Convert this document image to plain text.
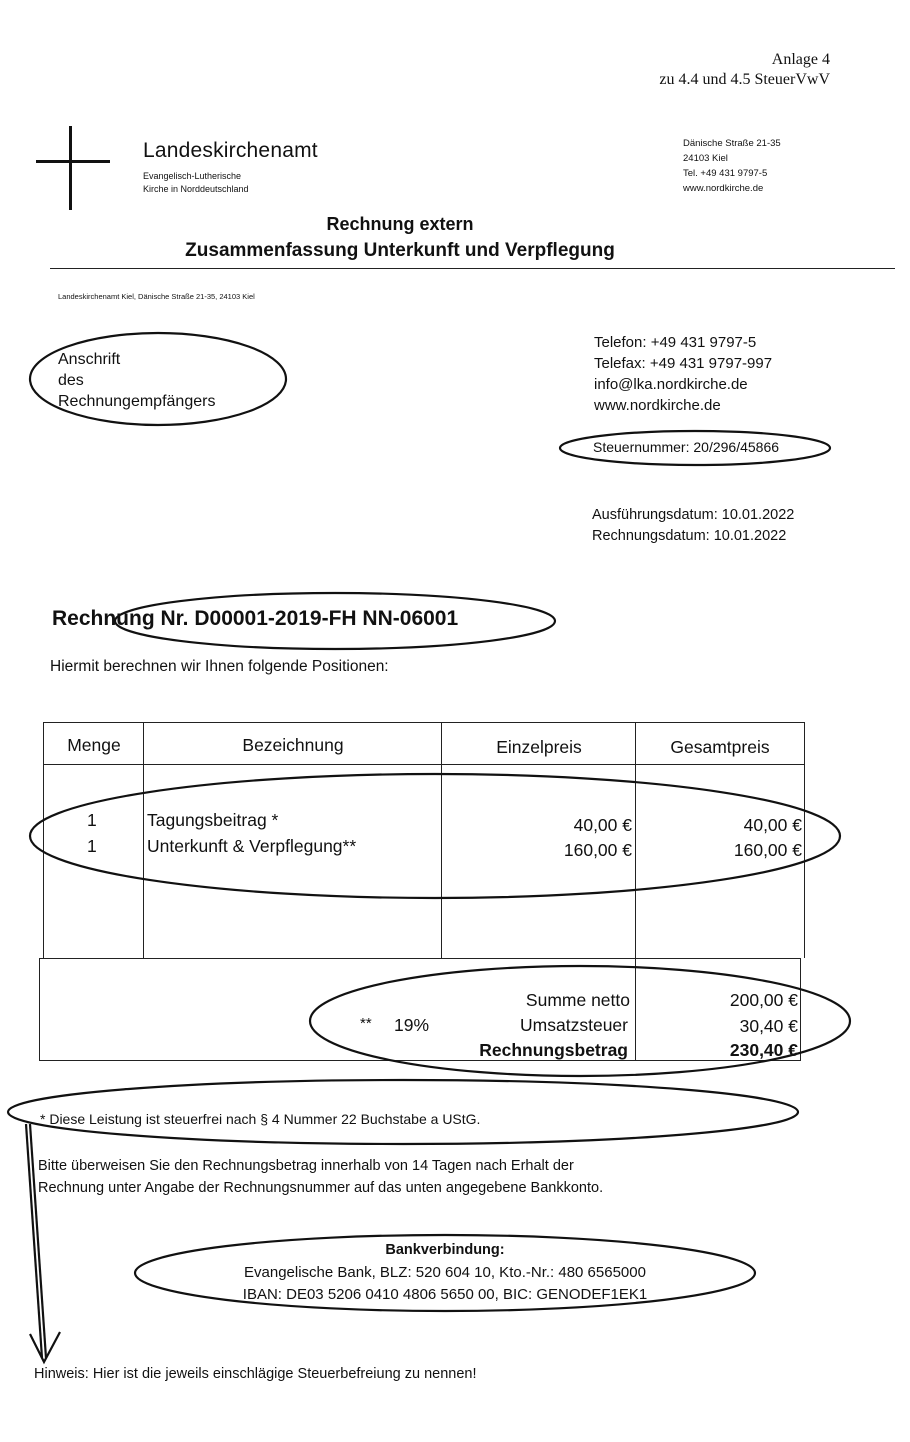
Anlage 4
zu 4.4 und 4.5 SteuerVwV
Landeskirchenamt
Evangelisch-Lutherische
Kirche in Norddeutschland
Dänische Straße 21-35
24103 Kiel
Tel. +49 431 9797-5
www.nordkirche.de
Rechnung extern
Zusammenfassung Unterkunft und Verpflegung
Landeskirchenamt Kiel, Dänische Straße 21-35, 24103 Kiel
Anschrift
des
Rechnungempfängers
Telefon: +49 431 9797-5
Telefax: +49 431 9797-997
info@lka.nordkirche.de
www.nordkirche.de
Steuernummer: 20/296/45866
Ausführungsdatum: 10.01.2022
Rechnungsdatum: 10.01.2022
Rechnung Nr. D00001-2019-FH NN-06001
Hiermit berechnen wir Ihnen folgende Positionen:
Menge	Bezeichnung	Einzelpreis	Gesamtpreis
1	Tagungsbeitrag *	40,00 €	40,00 €
1	Unterkunft & Verpflegung**	160,00 €	160,00 €
Summe netto	200,00 €
** 19%	Umsatzsteuer	30,40 €
Rechnungsbetrag	230,40 €
* Diese Leistung ist steuerfrei nach § 4 Nummer 22 Buchstabe a UStG.
Bitte überweisen Sie den Rechnungsbetrag innerhalb von 14 Tagen nach Erhalt der
Rechnung unter Angabe der Rechnungsnummer auf das unten angegebene Bankkonto.
Bankverbindung:
Evangelische Bank, BLZ: 520 604 10, Kto.-Nr.: 480 6565000
IBAN: DE03 5206 0410 4806 5650 00, BIC: GENODEF1EK1
Hinweis: Hier ist die jeweils einschlägige Steuerbefreiung zu nennen!
